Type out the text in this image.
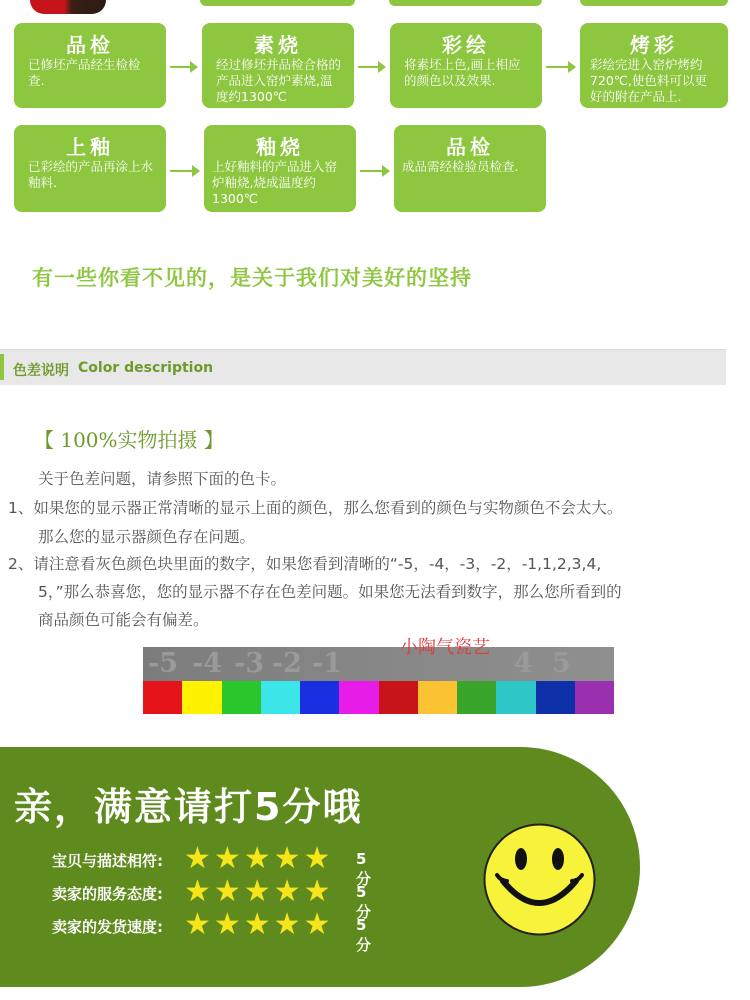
品检
已修坯产品经生检检查.
素烧
经过修坯并品检合格的产品进入窑炉素烧,温度约1300℃
彩绘
将素坯上色,画上相应的颜色以及效果.
烤彩
彩绘完进入窑炉烤约720℃,使色料可以更好的附在产品上.
上釉
已彩绘的产品再涂上水釉料.
釉烧
上好釉料的产品进入窑炉釉烧,烧成温度约1300℃
品检
成品需经检验员检查.
有一些你看不见的，是关于我们对美好的坚持
色差说明 Color description
【 100%实物拍摄 】
关于色差问题，请参照下面的色卡。
1、如果您的显示器正常清晰的显示上面的颜色，那么您看到的颜色与实物颜色不会太大。
那么您的显示器颜色存在问题。
2、请注意看灰色颜色块里面的数字，如果您看到清晰的“-5，-4，-3，-2，-1,1,2,3,4,
5，”那么恭喜您，您的显示器不存在色差问题。如果您无法看到数字，那么您所看到的
商品颜色可能会有偏差。
-5 -4 -3 -2 -1	4 5
小陶气瓷艺
亲，满意请打5分哦
宝贝与描述相符: ★★★★★ 5分
卖家的服务态度: ★★★★★ 5分
卖家的发货速度: ★★★★★ 5分
